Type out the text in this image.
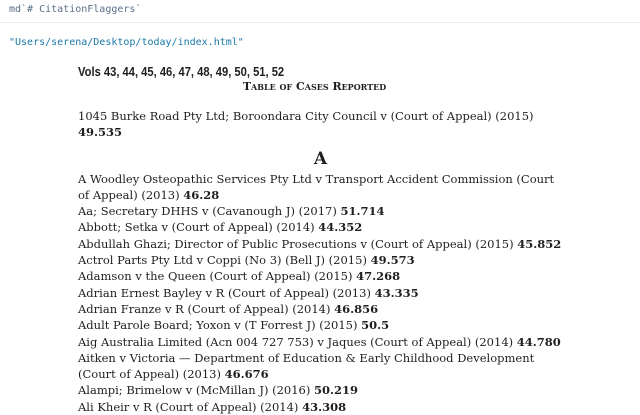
md`# CitationFlaggers`
"Users/serena/Desktop/today/index.html"
Vols 43, 44, 45, 46, 47, 48, 49, 50, 51, 52
Table of Cases Reported

1045 Burke Road Pty Ltd; Boroondara City Council v (Court of Appeal) (2015) 49.535

A

A Woodley Osteopathic Services Pty Ltd v Transport Accident Commission (Court of Appeal) (2013) 46.28

Aa; Secretary DHHS v (Cavanough J) (2017) 51.714

Abbott; Setka v (Court of Appeal) (2014) 44.352

Abdullah Ghazi; Director of Public Prosecutions v (Court of Appeal) (2015) 45.852

Actrol Parts Pty Ltd v Coppi (No 3) (Bell J) (2015) 49.573

Adamson v the Queen (Court of Appeal) (2015) 47.268

Adrian Ernest Bayley v R (Court of Appeal) (2013) 43.335

Adrian Franze v R (Court of Appeal) (2014) 46.856

Adult Parole Board; Yoxon v (T Forrest J) (2015) 50.5

Aig Australia Limited (Acn 004 727 753) v Jaques (Court of Appeal) (2014) 44.780

Aitken v Victoria — Department of Education & Early Childhood Development (Court of Appeal) (2013) 46.676

Alampi; Brimelow v (McMillan J) (2016) 50.219

Ali Kheir v R (Court of Appeal) (2014) 43.308
